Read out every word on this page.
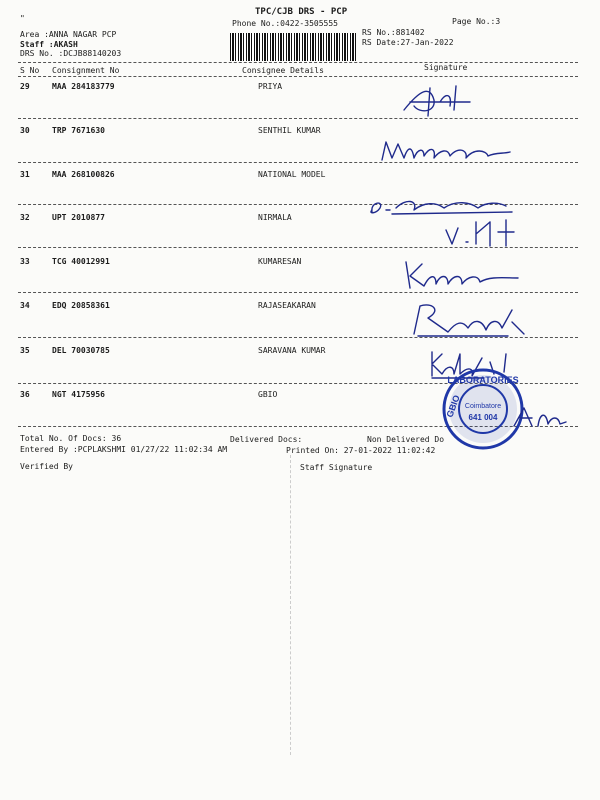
"
TPC/CJB DRS - PCP
Phone No.:0422-3505555	Page No.:3
Area :ANNA NAGAR PCP
Staff :AKASH
DRS No. :DCJB88140203
RS No.:881402
RS Date:27-Jan-2022
S No Consignment No	Consignee Details	Signature
29	MAA 284183779	PRIYA
30	TRP 7671630	SENTHIL KUMAR
31	MAA 268100826	NATIONAL MODEL
32	UPT 2010877	NIRMALA
33	TCG 40012991	KUMARESAN
34	EDQ 20858361	RAJASEAKARAN
35	DEL 70030785	SARAVANA KUMAR
36	NGT 4175956	GBIO
LABORATORIES
GBIO Coimbatore
641 004
Total No. Of Docs: 36	Delivered Docs:	Non Delivered Do
Entered By :PCPLAKSHMI 01/27/22 11:02:34 AM	Printed On: 27-01-2022 11:02:42
Verified By	Staff Signature
